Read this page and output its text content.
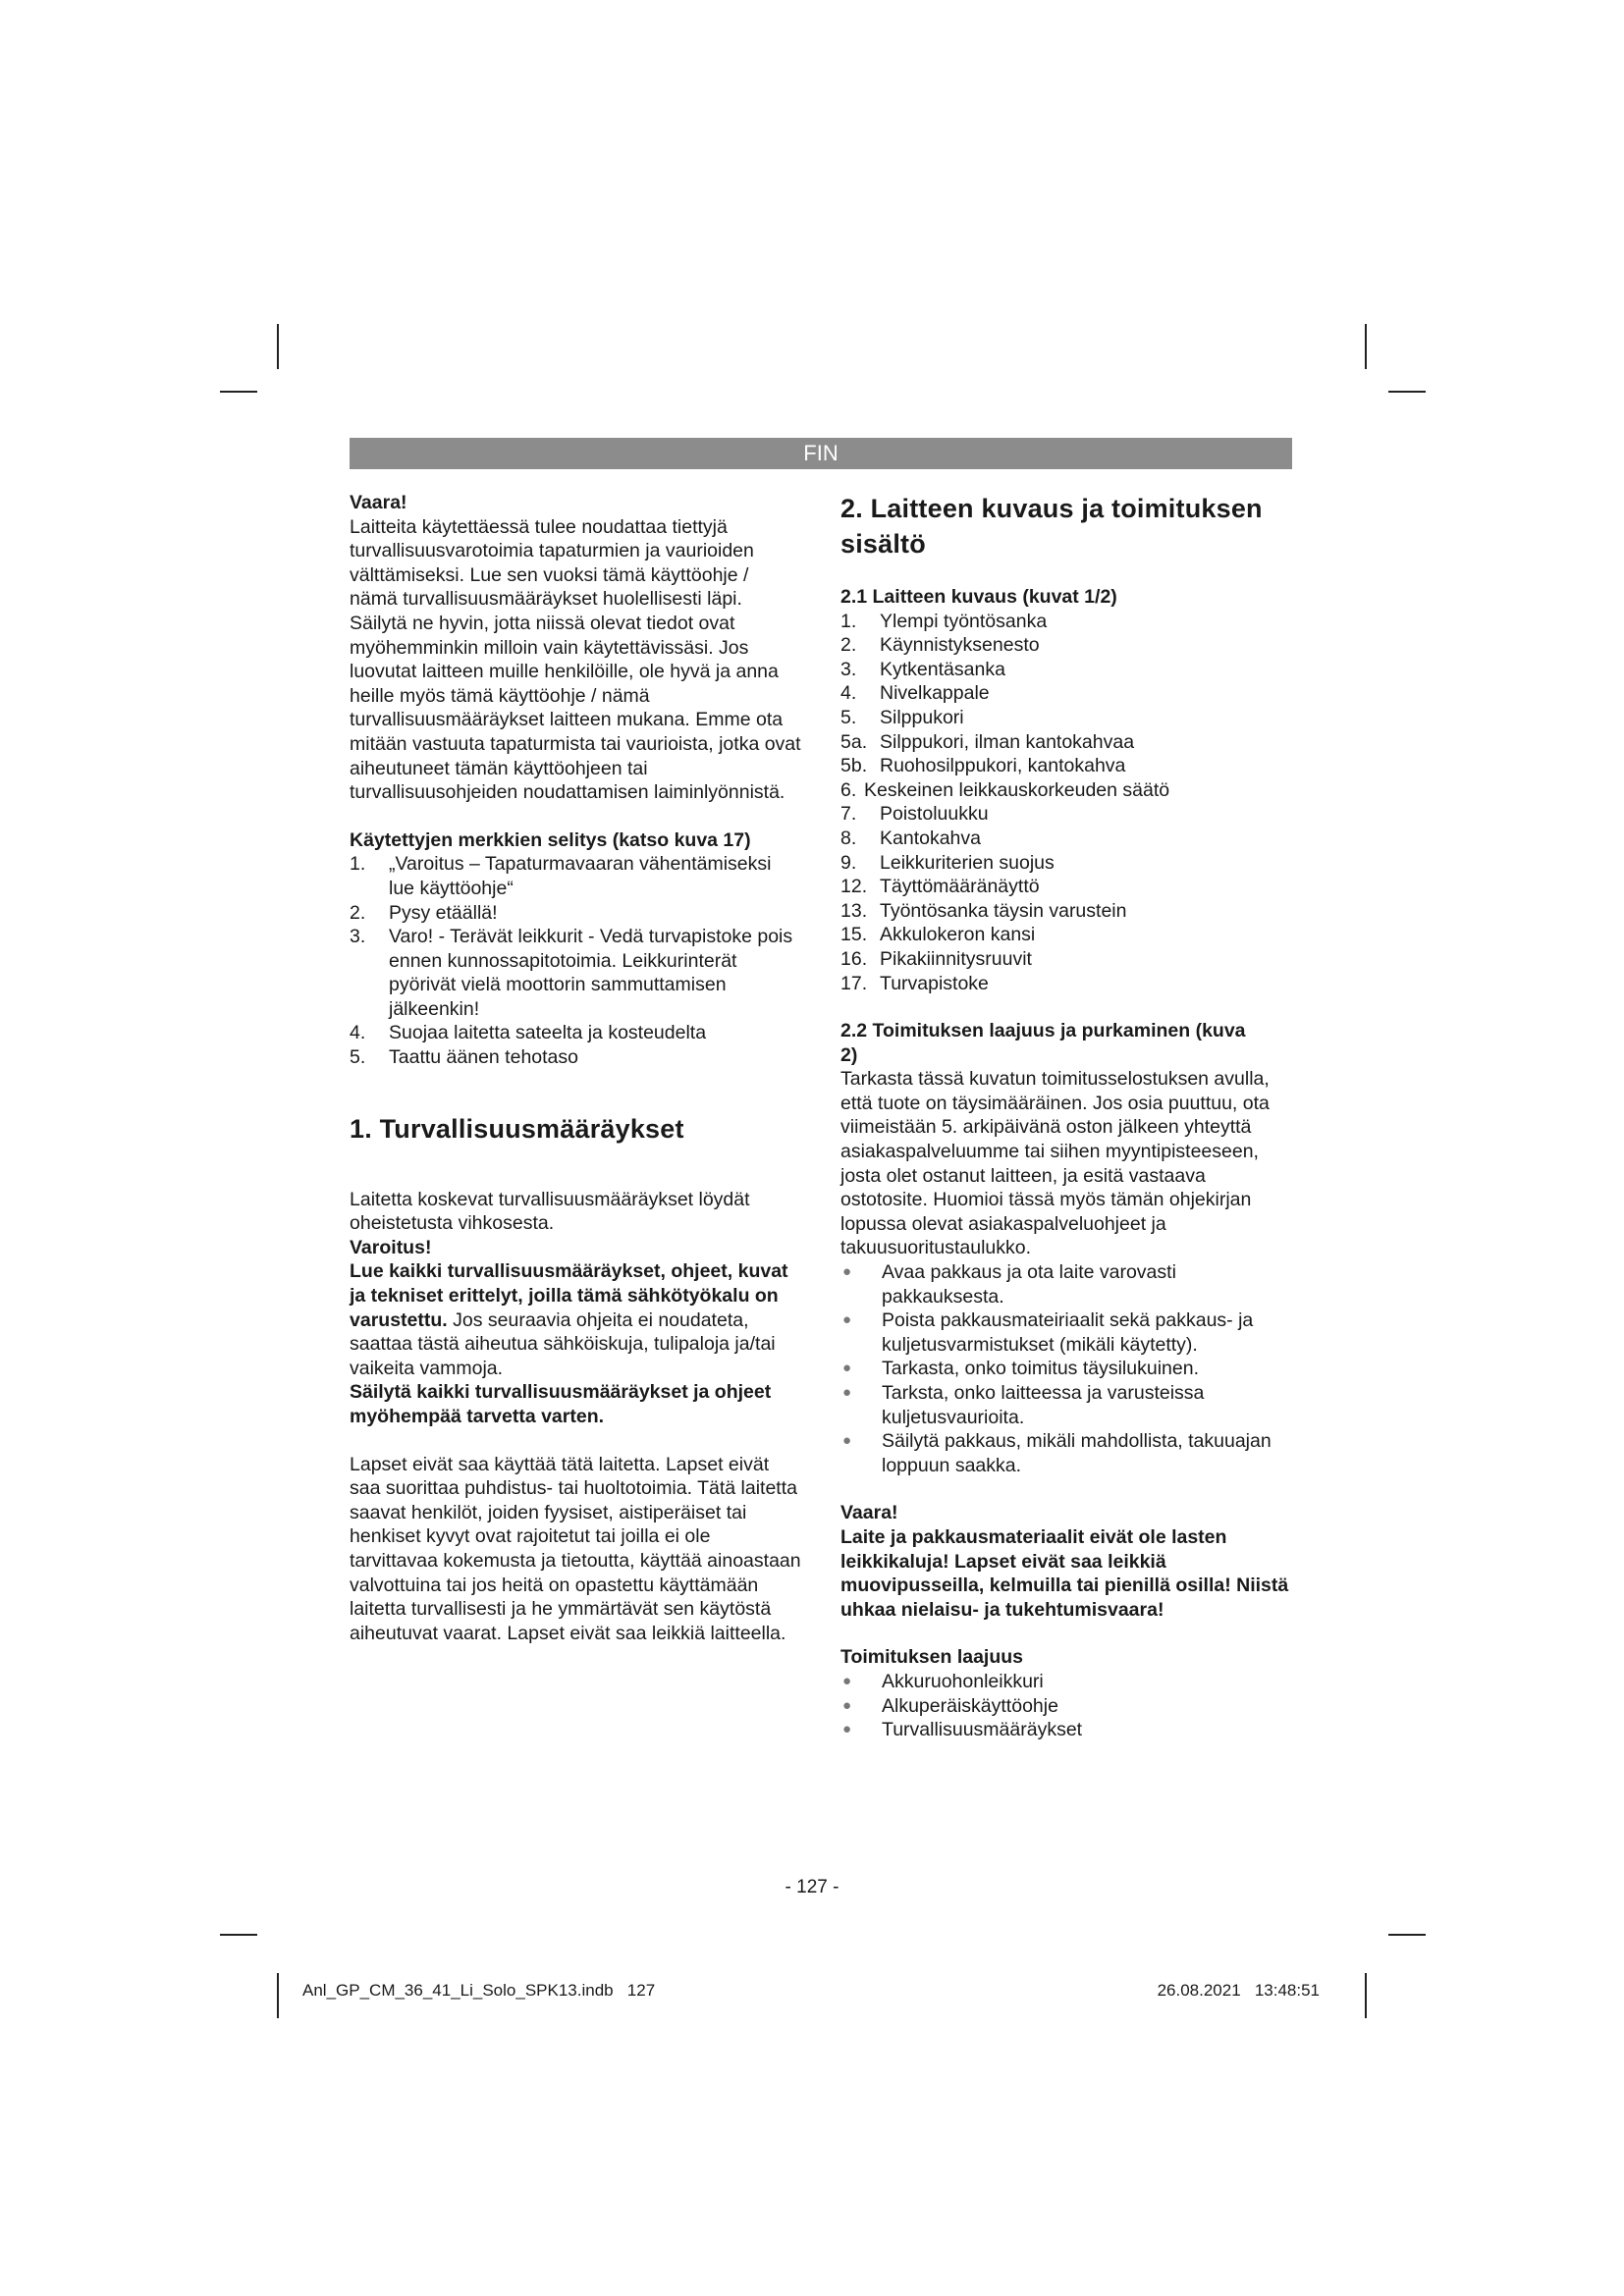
FIN

Vaara!

Laitteita käytettäessä tulee noudattaa tiettyjä turvallisuusvarotoimia tapaturmien ja vaurioiden välttämiseksi. Lue sen vuoksi tämä käyttöohje / nämä turvallisuusmääräykset huolellisesti läpi. Säilytä ne hyvin, jotta niissä olevat tiedot ovat myöhemminkin milloin vain käytettävissäsi. Jos luovutat laitteen muille henkilöille, ole hyvä ja anna heille myös tämä käyttöohje / nämä turvallisuusmääräykset laitteen mukana. Emme ota mitään vastuuta tapaturmista tai vaurioista, jotka ovat aiheutuneet tämän käyttöohjeen tai turvallisuusohjeiden noudattamisen laiminlyönnistä.

Käytettyjen merkkien selitys (katso kuva 17)

1.	„Varoitus – Tapaturmavaaran vähentämiseksi lue käyttöohje“
2.	Pysy etäällä!
3.	Varo! - Terävät leikkurit - Vedä turvapistoke pois ennen kunnossapitotoimia. Leikkurinterät pyörivät vielä moottorin sammuttamisen jälkeenkin!
4.	Suojaa laitetta sateelta ja kosteudelta
5.	Taattu äänen tehotaso

1. Turvallisuusmääräykset

Laitetta koskevat turvallisuusmääräykset löydät oheistetusta vihkosesta.

Varoitus!

Lue kaikki turvallisuusmääräykset, ohjeet, kuvat ja tekniset erittelyt, joilla tämä sähkötyökalu on varustettu. Jos seuraavia ohjeita ei noudateta, saattaa tästä aiheutua sähköiskuja, tulipaloja ja/tai vaikeita vammoja.

Säilytä kaikki turvallisuusmääräykset ja ohjeet myöhempää tarvetta varten.

Lapset eivät saa käyttää tätä laitetta. Lapset eivät saa suorittaa puhdistus- tai huoltotoimia. Tätä laitetta saavat henkilöt, joiden fyysiset, aistiperäiset tai henkiset kyvyt ovat rajoitetut tai joilla ei ole tarvittavaa kokemusta ja tietoutta, käyttää ainoastaan valvottuina tai jos heitä on opastettu käyttämään laitetta turvallisesti ja he ymmärtävät sen käytöstä aiheutuvat vaarat. Lapset eivät saa leikkiä laitteella.

2. Laitteen kuvaus ja toimituksen sisältö

2.1 Laitteen kuvaus (kuvat 1/2)

1.	Ylempi työntösanka
2.	Käynnistyksenesto
3.	Kytkentäsanka
4.	Nivelkappale
5.	Silppukori
5a. Silppukori, ilman kantokahvaa
5b. Ruohosilppukori, kantokahva
6. Keskeinen leikkauskorkeuden säätö
7.	Poistoluukku
8.	Kantokahva
9.	Leikkuriterien suojus
12. Täyttömääränäyttö
13. Työntösanka täysin varustein
15. Akkulokeron kansi
16. Pikakiinnitysruuvit
17. Turvapistoke

2.2 Toimituksen laajuus ja purkaminen (kuva 2)

Tarkasta tässä kuvatun toimitusselostuksen avulla, että tuote on täysimääräinen. Jos osia puuttuu, ota viimeistään 5. arkipäivänä oston jälkeen yhteyttä asiakaspalveluumme tai siihen myyntipisteeseen, josta olet ostanut laitteen, ja esitä vastaava ostotosite. Huomioi tässä myös tämän ohjekirjan lopussa olevat asiakaspalveluohjeet ja takuusuoritustaulukko.

●	Avaa pakkaus ja ota laite varovasti pakkauksesta.
●	Poista pakkausmateiriaalit sekä pakkaus- ja kuljetusvarmistukset (mikäli käytetty).
●	Tarkasta, onko toimitus täysilukuinen.
●	Tarksta, onko laitteessa ja varusteissa kuljetusvaurioita.
●	Säilytä pakkaus, mikäli mahdollista, takuuajan loppuun saakka.

Vaara!

Laite ja pakkausmateriaalit eivät ole lasten leikkikaluja! Lapset eivät saa leikkiä muovipusseilla, kelmuilla tai pienillä osilla! Niistä uhkaa nielaisu- ja tukehtumisvaara!

Toimituksen laajuus

●	Akkuruohonleikkuri
●	Alkuperäiskäyttöohje
●	Turvallisuusmääräykset
- 127 -
Anl_GP_CM_36_41_Li_Solo_SPK13.indb   127	26.08.2021   13:48:51
